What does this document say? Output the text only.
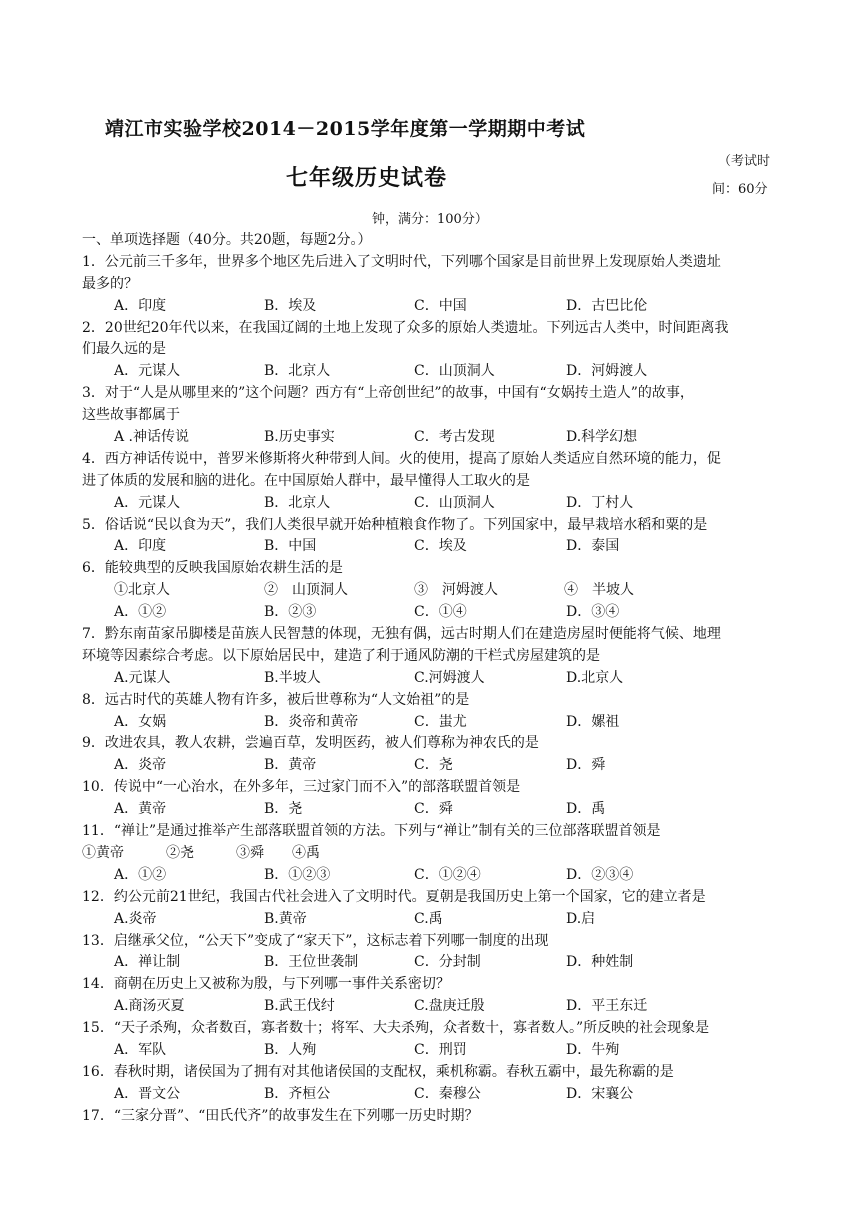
靖江市实验学校2014－2015学年度第一学期期中考试
七年级历史试卷
（考试时
间：60分
钟，满分：100分）
一、单项选择题（40分。共20题，每题2分。）
1．公元前三千多年，世界多个地区先后进入了文明时代，下列哪个国家是目前世界上发现原始人类遗址
最多的？
A．印度	B．埃及	C．中国	D．古巴比伦
2．20世纪20年代以来，在我国辽阔的土地上发现了众多的原始人类遗址。下列远古人类中，时间距离我
们最久远的是
A．元谋人	B．北京人	C．山顶洞人	D．河姆渡人
3．对于“人是从哪里来的”这个问题？西方有“上帝创世纪”的故事，中国有“女娲抟土造人”的故事，
这些故事都属于
A .神话传说	B.历史事实	C．考古发现	D.科学幻想
4．西方神话传说中，普罗米修斯将火种带到人间。火的使用，提高了原始人类适应自然环境的能力，促
进了体质的发展和脑的进化。在中国原始人群中，最早懂得人工取火的是
A．元谋人	B．北京人	C．山顶洞人	D．丁村人
5．俗话说“民以食为天”，我们人类很早就开始种植粮食作物了。下列国家中，最早栽培水稻和粟的是
A．印度	B．中国	C．埃及	D．泰国
6．能较典型的反映我国原始农耕生活的是
①北京人	②　山顶洞人	③　河姆渡人	④　半坡人
A．①②	B．②③	C．①④	D．③④
7．黔东南苗家吊脚楼是苗族人民智慧的体现，无独有偶，远古时期人们在建造房屋时便能将气候、地理
环境等因素综合考虑。以下原始居民中，建造了利于通风防潮的干栏式房屋建筑的是
A.元谋人	B.半坡人	C.河姆渡人	D.北京人
8．远古时代的英雄人物有许多，被后世尊称为“人文始祖”的是
A．女娲	B．炎帝和黄帝	C．蚩尤	D．嫘祖
9．改进农具，教人农耕，尝遍百草，发明医药，被人们尊称为神农氏的是
A．炎帝	B．黄帝	C．尧	D．舜
10．传说中“一心治水，在外多年，三过家门而不入”的部落联盟首领是
A．黄帝	B．尧	C．舜	D．禹
11．“禅让”是通过推举产生部落联盟首领的方法。下列与“禅让”制有关的三位部落联盟首领是
①黄帝　　　②尧　　　③舜　　④禹
A．①②	B．①②③	C．①②④	D．②③④
12．约公元前21世纪，我国古代社会进入了文明时代。夏朝是我国历史上第一个国家，它的建立者是
A.炎帝	B.黄帝	C.禹	D.启
13．启继承父位，“公天下”变成了“家天下”，这标志着下列哪一制度的出现
A．禅让制	B．王位世袭制	C．分封制	D．种姓制
14．商朝在历史上又被称为殷，与下列哪一事件关系密切？
A.商汤灭夏	B.武王伐纣	C.盘庚迁殷	D．平王东迁
15．“天子杀殉，众者数百，寡者数十；将军、大夫杀殉，众者数十，寡者数人。”所反映的社会现象是
A．军队	B．人殉	C．刑罚	D．牛殉
16．春秋时期，诸侯国为了拥有对其他诸侯国的支配权，乘机称霸。春秋五霸中，最先称霸的是
A．晋文公	B．齐桓公	C．秦穆公	D．宋襄公
17．“三家分晋”、“田氏代齐”的故事发生在下列哪一历史时期？
